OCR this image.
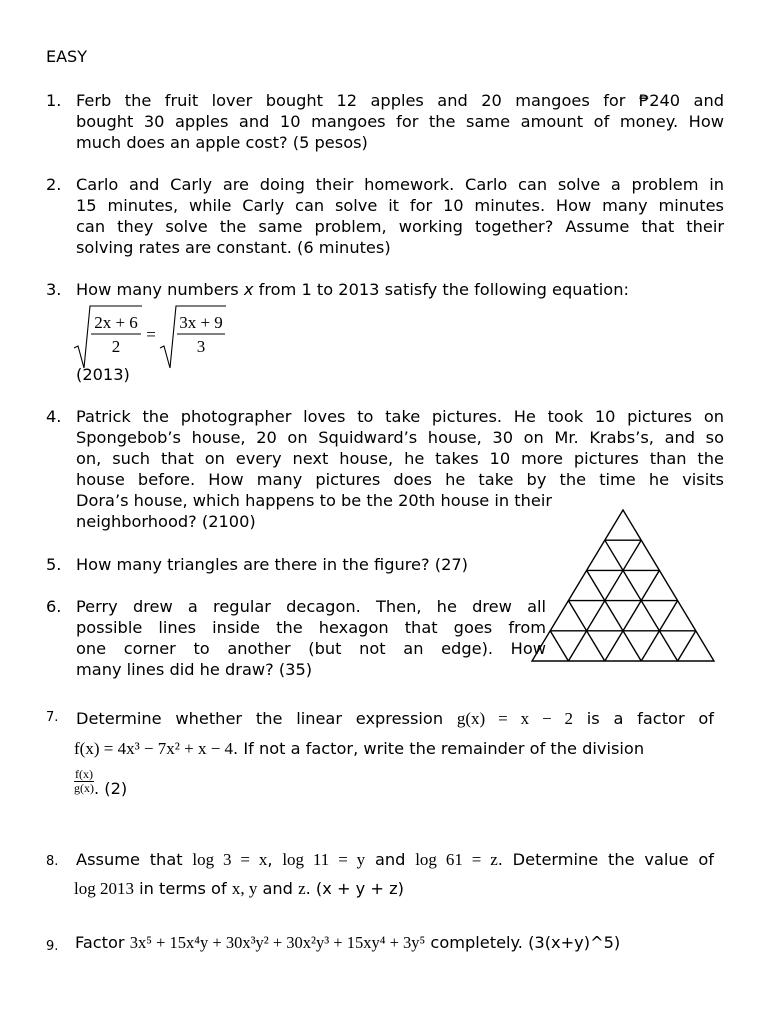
EASY
1. Ferb the fruit lover bought 12 apples and 20 mangoes for ₱240 and
bought 30 apples and 10 mangoes for the same amount of money. How
much does an apple cost? (5 pesos)
2. Carlo and Carly are doing their homework. Carlo can solve a problem in
15 minutes, while Carly can solve it for 10 minutes. How many minutes
can they solve the same problem, working together? Assume that their
solving rates are constant. (6 minutes)
3. How many numbers x from 1 to 2013 satisfy the following equation:
2x + 6
2
=
3x + 9
3
(2013)
4. Patrick the photographer loves to take pictures. He took 10 pictures on
Spongebob’s house, 20 on Squidward’s house, 30 on Mr. Krabs’s, and so
on, such that on every next house, he takes 10 more pictures than the
house before. How many pictures does he take by the time he visits
Dora’s house, which happens to be the 20th house in their
neighborhood? (2100)
5. How many triangles are there in the figure? (27)
6. Perry drew a regular decagon. Then, he drew all
possible lines inside the hexagon that goes from
one corner to another (but not an edge). How
many lines did he draw? (35)
7. Determine whether the linear expression g(x) = x − 2 is a factor of
f(x) = 4x³ − 7x² + x − 4. If not a factor, write the remainder of the division
$\frac{f(x)}{g(x)}$ . (2)
8. Assume that log 3 = x, log 11 = y and log 61 = z. Determine the value of
log 2013 in terms of x, y and z. (x + y + z)
9. Factor 3x⁵ + 15x⁴y + 30x³y² + 30x²y³ + 15xy⁴ + 3y⁵ completely. (3(x+y)^5)
